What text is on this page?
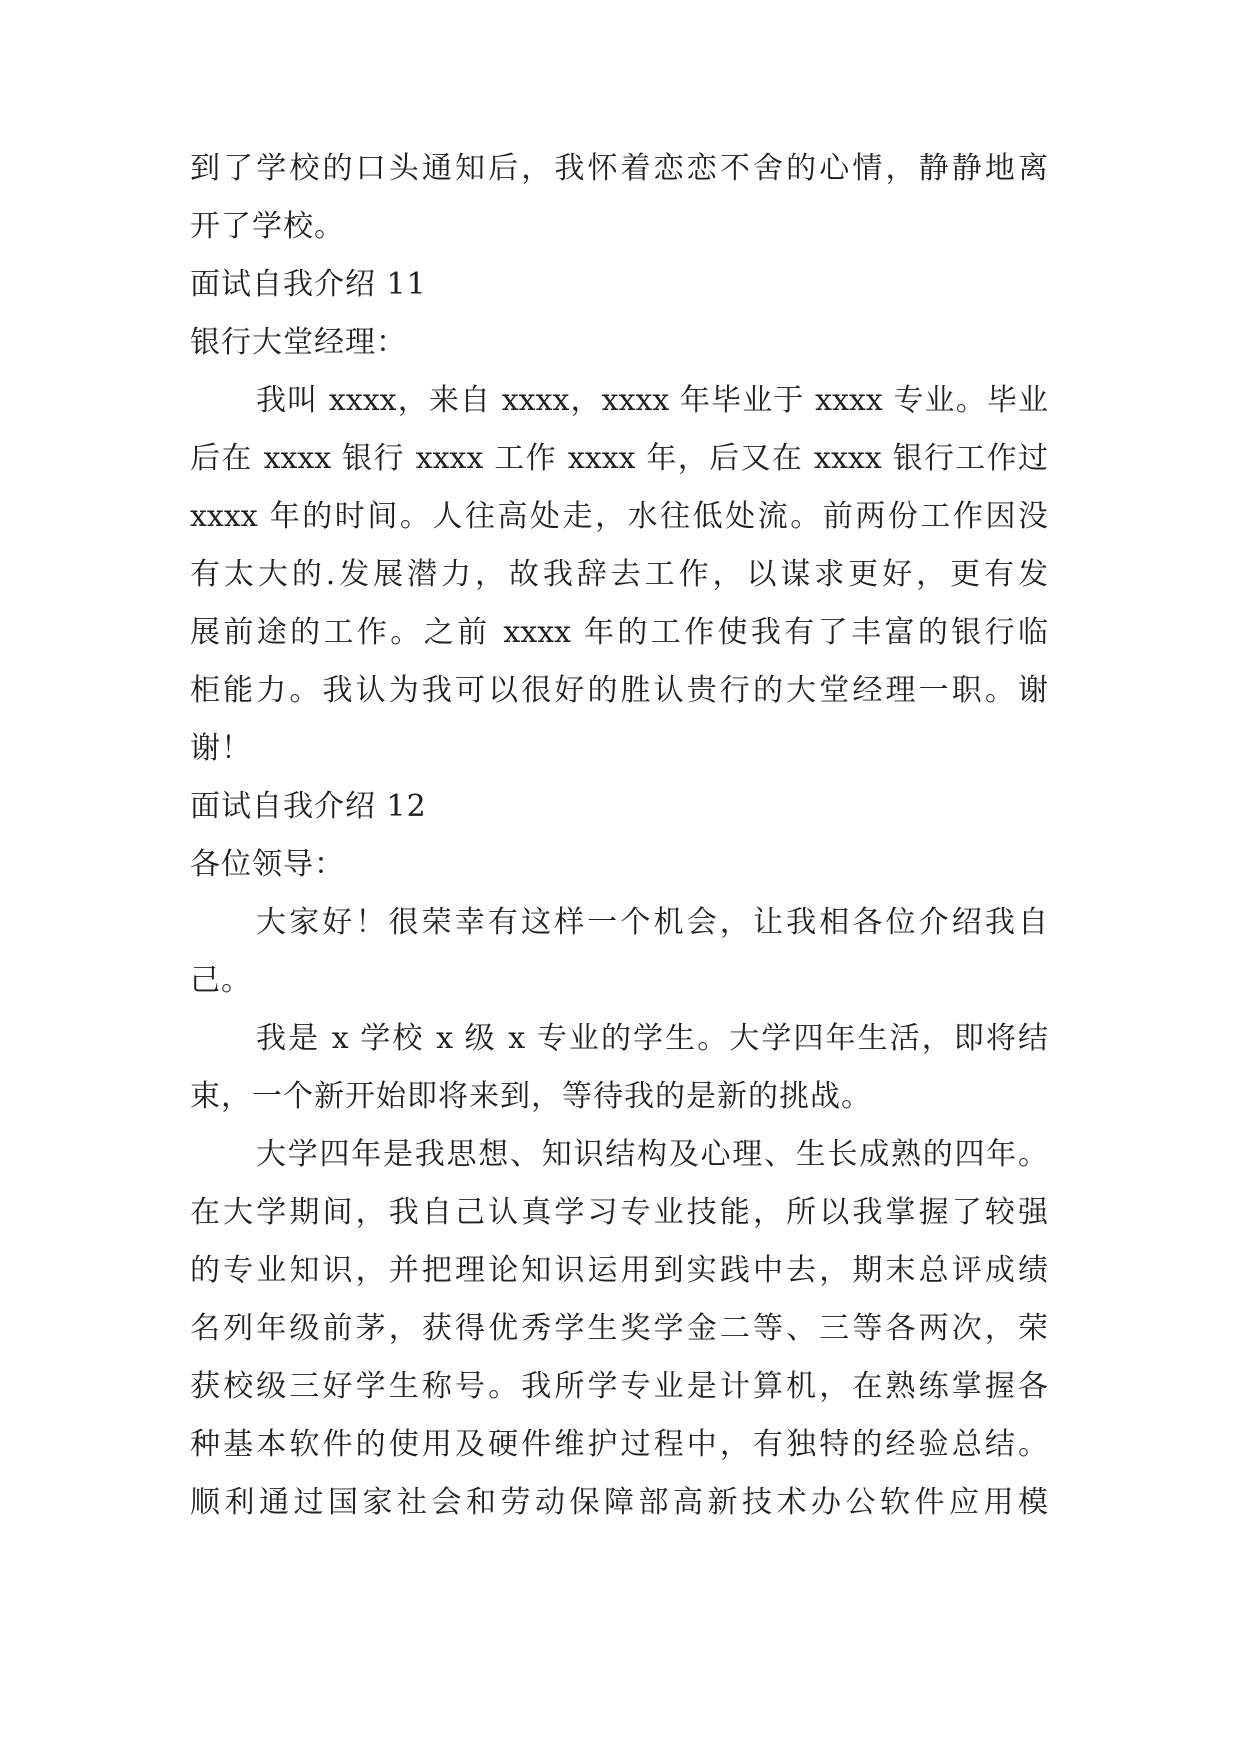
到了学校的口头通知后，我怀着恋恋不舍的心情，静静地离
开了学校。
面试自我介绍 11
银行大堂经理：
我叫 xxxx，来自 xxxx，xxxx 年毕业于 xxxx 专业。毕业
后在 xxxx 银行 xxxx 工作 xxxx 年，后又在 xxxx 银行工作过
xxxx 年的时间。人往高处走，水往低处流。前两份工作因没
有太大的.发展潜力，故我辞去工作，以谋求更好，更有发
展前途的工作。之前 xxxx 年的工作使我有了丰富的银行临
柜能力。我认为我可以很好的胜认贵行的大堂经理一职。谢
谢！
面试自我介绍 12
各位领导：
大家好！很荣幸有这样一个机会，让我相各位介绍我自
己。
我是 x 学校 x 级 x 专业的学生。大学四年生活，即将结
束，一个新开始即将来到，等待我的是新的挑战。
大学四年是我思想、知识结构及心理、生长成熟的四年。
在大学期间，我自己认真学习专业技能，所以我掌握了较强
的专业知识，并把理论知识运用到实践中去，期末总评成绩
名列年级前茅，获得优秀学生奖学金二等、三等各两次，荣
获校级三好学生称号。我所学专业是计算机，在熟练掌握各
种基本软件的使用及硬件维护过程中，有独特的经验总结。
顺利通过国家社会和劳动保障部高新技术办公软件应用模
